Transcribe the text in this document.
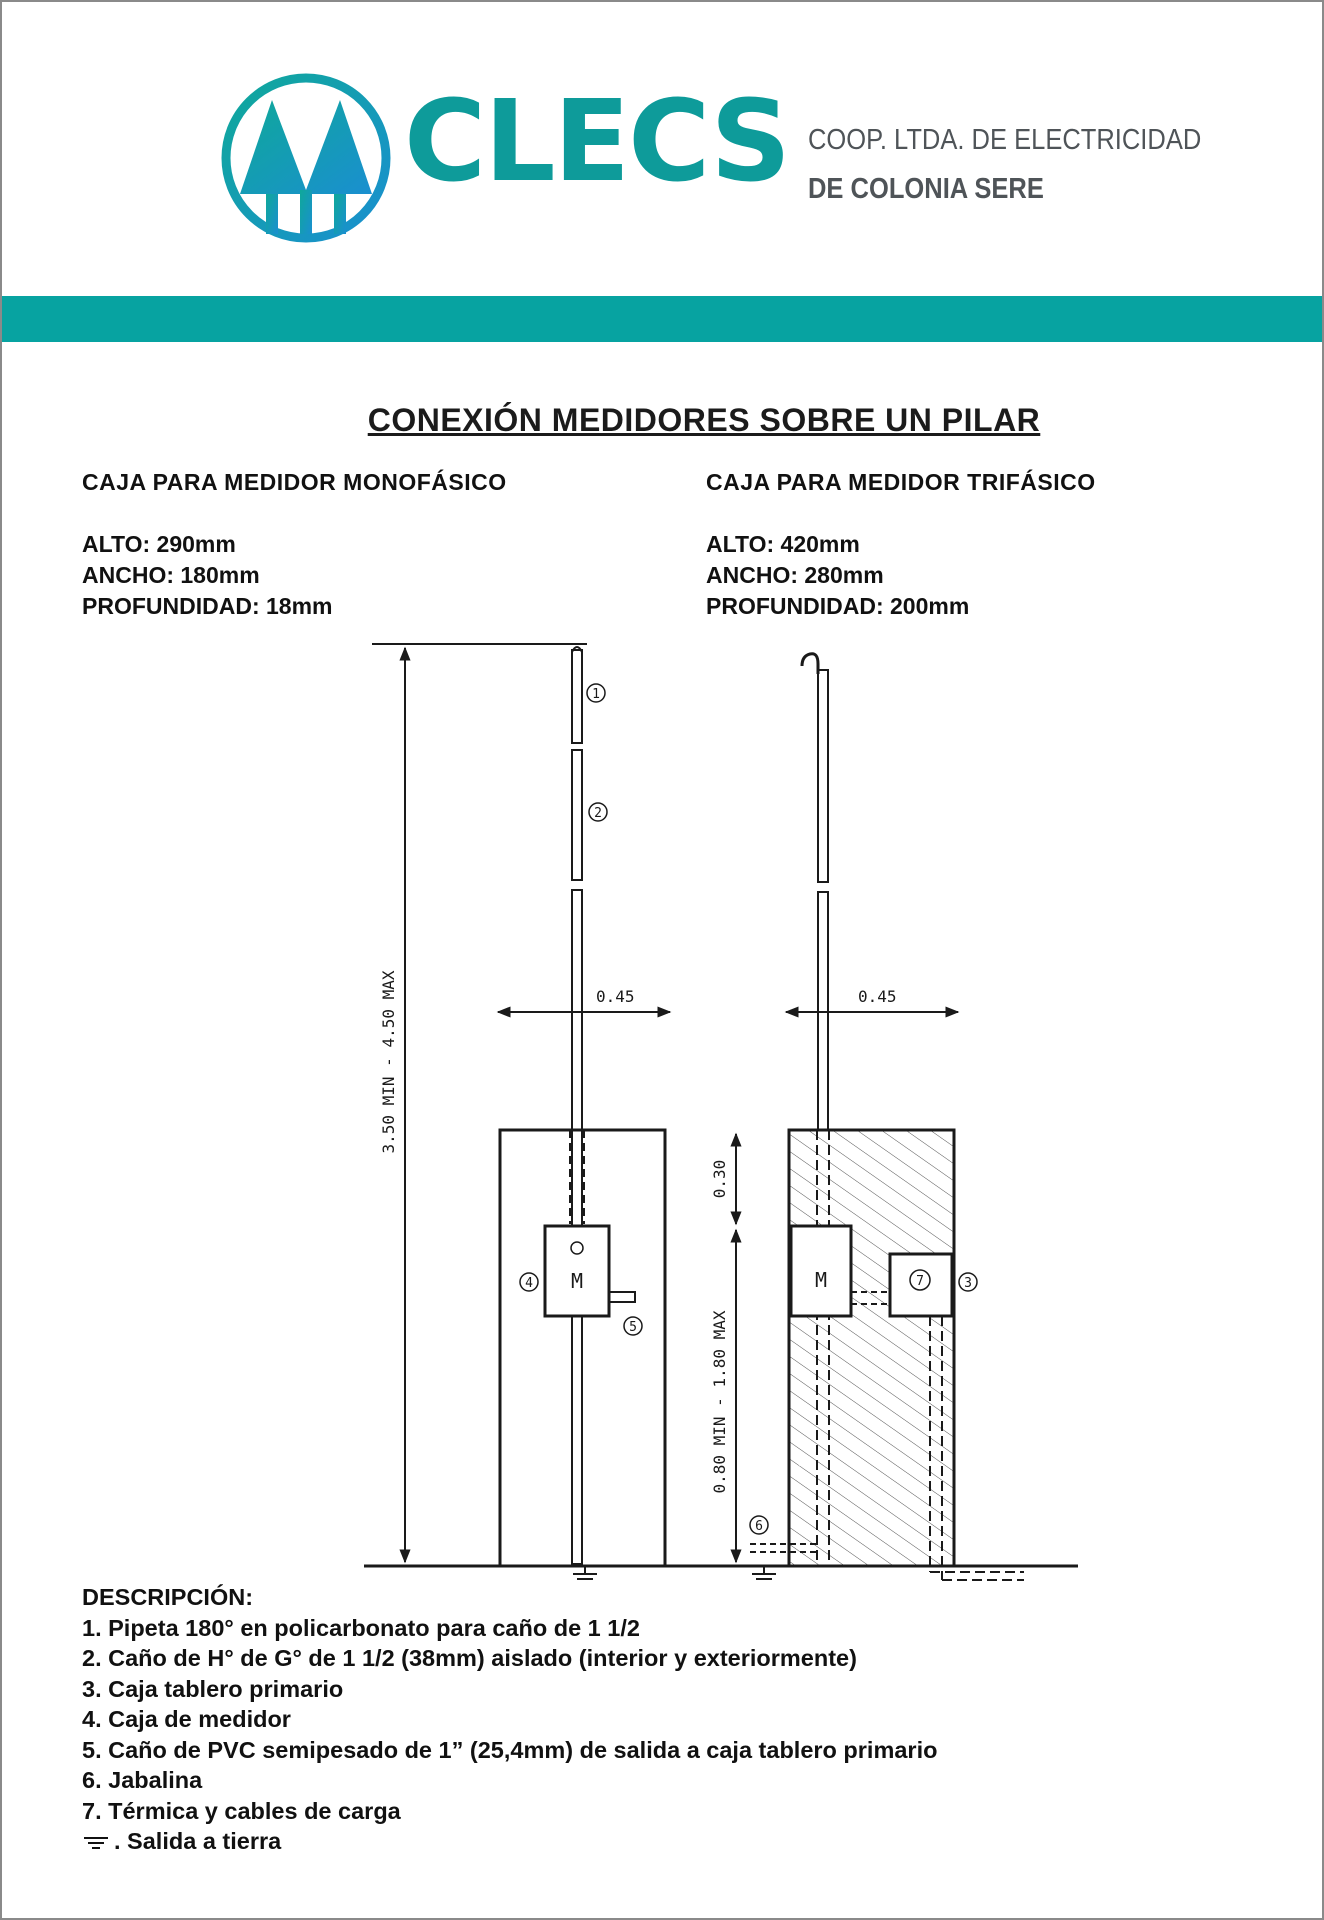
CLECS COOP. LTDA. DE ELECTRICIDAD
DE COLONIA SERE
CONEXIÓN MEDIDORES SOBRE UN PILAR
CAJA PARA MEDIDOR MONOFÁSICO
ALTO: 290mm
ANCHO: 180mm
PROFUNDIDAD: 18mm
CAJA PARA MEDIDOR TRIFÁSICO
ALTO: 420mm
ANCHO: 280mm
PROFUNDIDAD: 200mm
3.50 MIN - 4.50 MAX
M
0.45
1
2
4
5
M	7
6
3
0.45
0.30
0.80 MIN - 1.80 MAX
DESCRIPCIÓN:
1. Pipeta 180° en policarbonato para caño de 1 1/2
2. Caño de H° de G° de 1 1/2 (38mm) aislado (interior y exteriormente)
3. Caja tablero primario
4. Caja de medidor
5. Caño de PVC semipesado de 1” (25,4mm) de salida a caja tablero primario
6. Jabalina
7. Térmica y cables de carga
. Salida a tierra
